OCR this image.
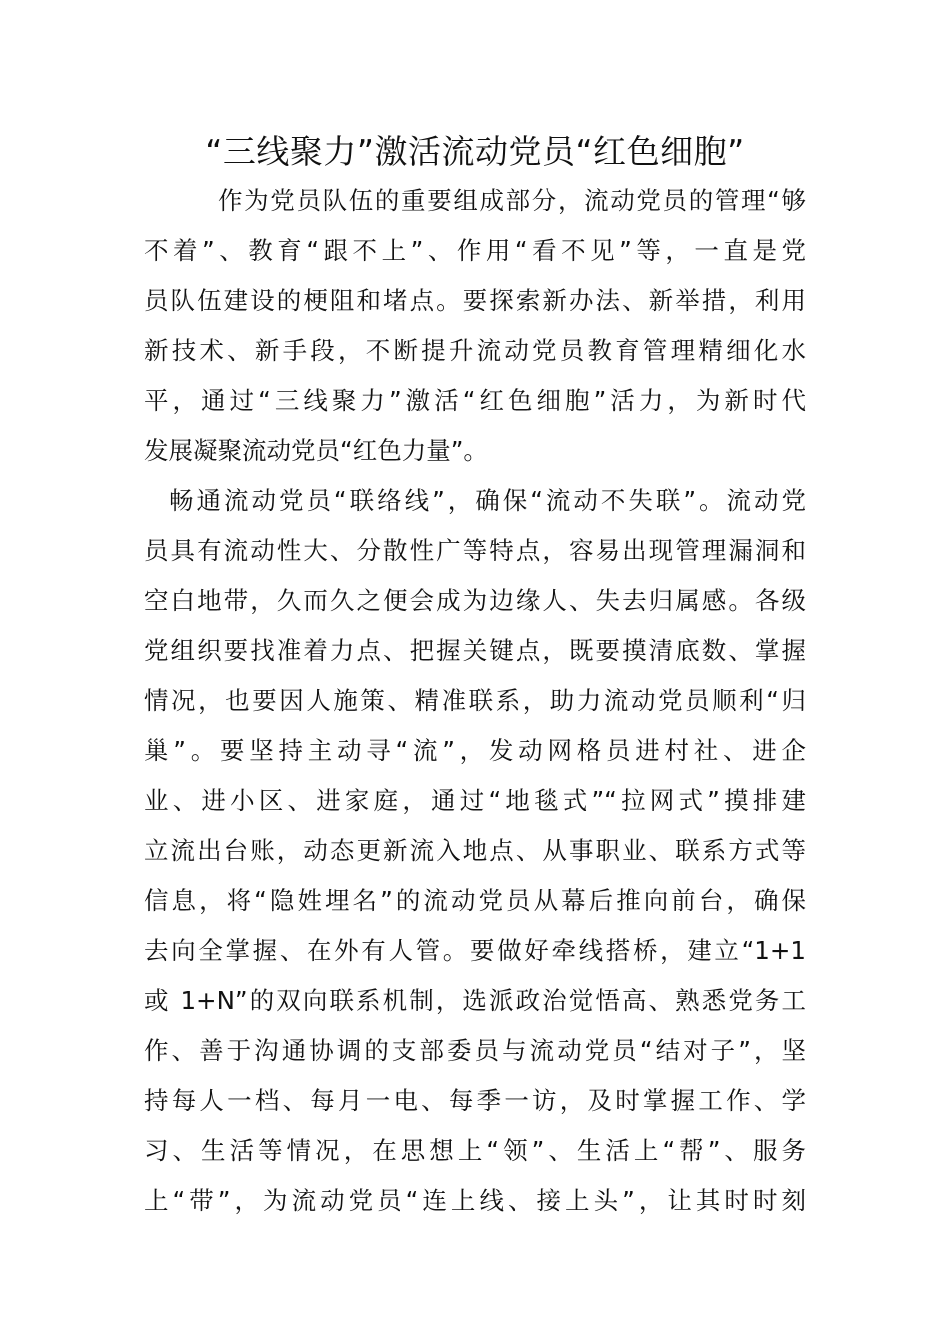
“三线聚力”激活流动党员“红色细胞”
作为党员队伍的重要组成部分，流动党员的管理“够
不着”、教育“跟不上”、作用“看不见”等，一直是党
员队伍建设的梗阻和堵点。要探索新办法、新举措，利用
新技术、新手段，不断提升流动党员教育管理精细化水
平，通过“三线聚力”激活“红色细胞”活力，为新时代
发展凝聚流动党员“红色力量”。
畅通流动党员“联络线”，确保“流动不失联”。流动党
员具有流动性大、分散性广等特点，容易出现管理漏洞和
空白地带，久而久之便会成为边缘人、失去归属感。各级
党组织要找准着力点、把握关键点，既要摸清底数、掌握
情况，也要因人施策、精准联系，助力流动党员顺利“归
巢”。要坚持主动寻“流”，发动网格员进村社、进企
业、进小区、进家庭，通过“地毯式”“拉网式”摸排建
立流出台账，动态更新流入地点、从事职业、联系方式等
信息，将“隐姓埋名”的流动党员从幕后推向前台，确保
去向全掌握、在外有人管。要做好牵线搭桥，建立“1+1
或 1+N”的双向联系机制，选派政治觉悟高、熟悉党务工
作、善于沟通协调的支部委员与流动党员“结对子”，坚
持每人一档、每月一电、每季一访，及时掌握工作、学
习、生活等情况，在思想上“领”、生活上“帮”、服务
上“带”，为流动党员“连上线、接上头”，让其时时刻
